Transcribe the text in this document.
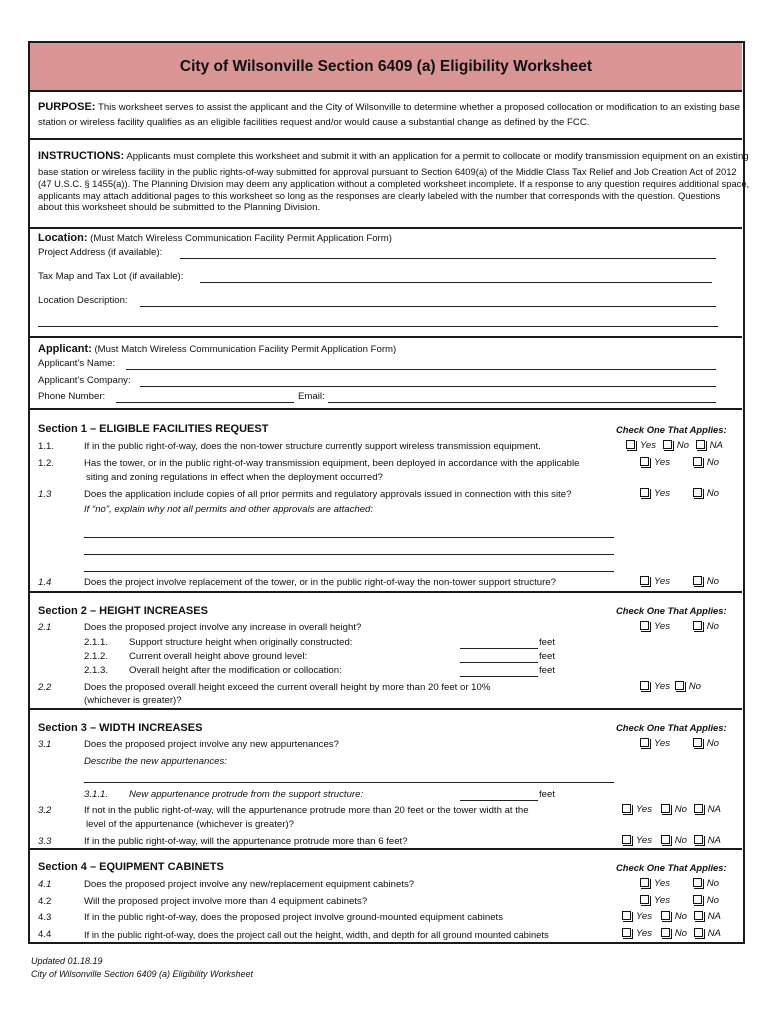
City of Wilsonville Section 6409 (a) Eligibility Worksheet
PURPOSE: This worksheet serves to assist the applicant and the City of Wilsonville to determine whether a proposed collocation or modification to an existing base
station or wireless facility qualifies as an eligible facilities request and/or would cause a substantial change as defined by the FCC.
INSTRUCTIONS: Applicants must complete this worksheet and submit it with an application for a permit to collocate or modify transmission equipment on an existing
base station or wireless facility in the public rights-of-way submitted for approval pursuant to Section 6409(a) of the Middle Class Tax Relief and Job Creation Act of 2012
(47 U.S.C. § 1455(a)). The Planning Division may deem any application without a completed worksheet incomplete. If a response to any question requires additional space,
applicants may attach additional pages to this worksheet so long as the responses are clearly labeled with the number that corresponds with the question. Questions
about this worksheet should be submitted to the Planning Division.
Location: (Must Match Wireless Communication Facility Permit Application Form)
Project Address (if available):
Tax Map and Tax Lot (if available):
Location Description:
Applicant: (Must Match Wireless Communication Facility Permit Application Form)
Applicant’s Name:
Applicant’s Company:
Phone Number:	Email:
Section 1 – ELIGIBLE FACILITIES REQUEST	Check One That Applies:
1.1.	If in the public right-of-way, does the non-tower structure currently support wireless transmission equipment.	Yes No NA
1.2.	Has the tower, or in the public right-of-way transmission equipment, been deployed in accordance with the applicable
siting and zoning regulations in effect when the deployment occurred?
Yes	No
1.3	Does the application include copies of all prior permits and regulatory approvals issued in connection with this site?
If “no”, explain why not all permits and other approvals are attached:
Yes	No
1.4	Does the project involve replacement of the tower, or in the public right-of-way the non-tower support structure?	Yes	No
Section 2 – HEIGHT INCREASES	Check One That Applies:
2.1	Does the proposed project involve any increase in overall height?	Yes	No
2.1.1. Support structure height when originally constructed:	feet
2.1.2. Current overall height above ground level:	feet
2.1.3. Overall height after the modification or collocation:	feet
2.2	Does the proposed overall height exceed the current overall height by more than 20 feet or 10%
(whichever is greater)?
Yes No
Section 3 – WIDTH INCREASES	Check One That Applies:
3.1	Does the proposed project involve any new appurtenances?	Yes	No
Describe the new appurtenances:
3.1.1. New appurtenance protrude from the support structure:	feet
3.2	If not in the public right-of-way, will the appurtenance protrude more than 20 feet or the tower width at the
level of the appurtenance (whichever is greater)?
Yes No NA
3.3	If in the public right-of-way, will the appurtenance protrude more than 6 feet?	Yes No NA
Section 4 – EQUIPMENT CABINETS	Check One That Applies:
4.1	Does the proposed project involve any new/replacement equipment cabinets?	Yes	No
4.2	Will the proposed project involve more than 4 equipment cabinets?	Yes	No
4.3	If in the public right-of-way, does the proposed project involve ground-mounted equipment cabinets	Yes No NA
4.4	If in the public right-of-way, does the project call out the height, width, and depth for all ground mounted cabinets	Yes No NA
Updated 01.18.19
City of Wilsonville Section 6409 (a) Eligibility Worksheet
